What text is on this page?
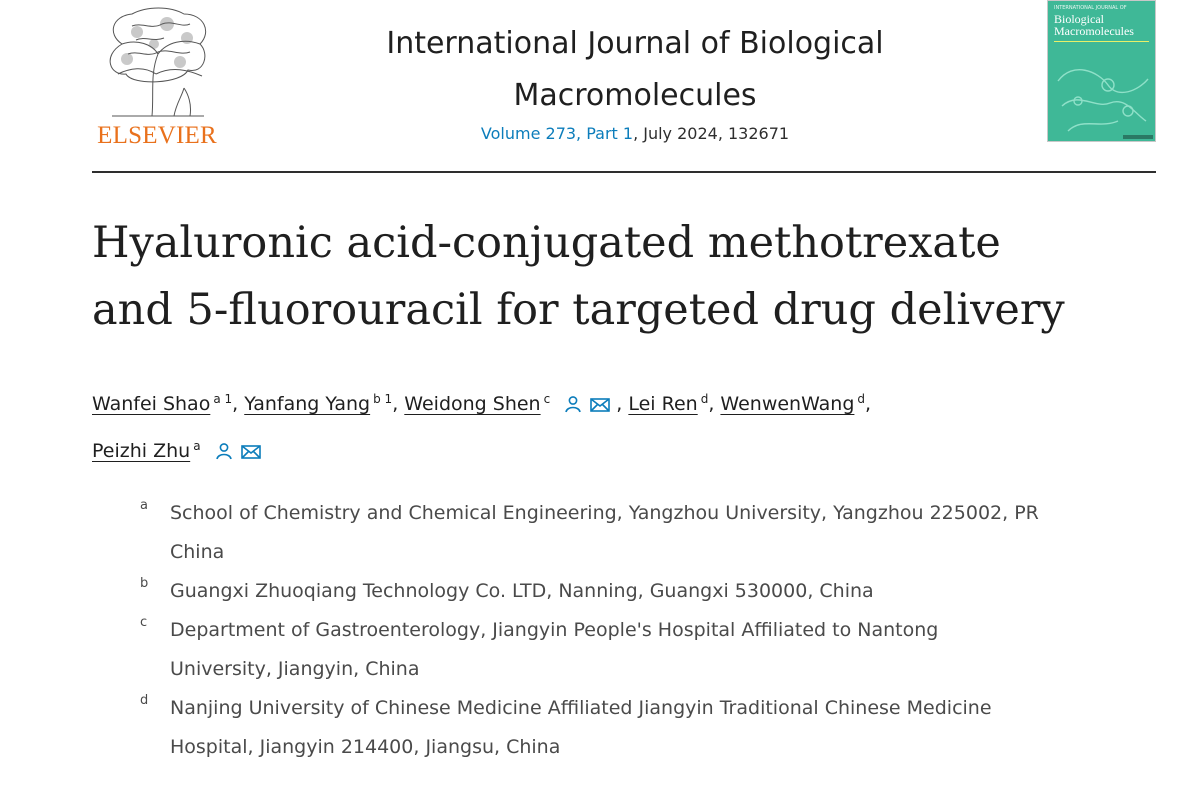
ELSEVIER
International Journal of Biological
Macromolecules
Volume 273, Part 1, July 2024, 132671
INTERNATIONAL JOURNAL OF
Biological
Macromolecules
Hyaluronic acid-conjugated methotrexate
and 5-fluorouracil for targeted drug delivery
Wanfei Shao $^{a 1}$, Yanfang Yang $^{b 1}$, Weidong Shen $^c$	, Lei Ren $^d$, WenwenWang $^d$,
Peizhi Zhu $^a$
a School of Chemistry and Chemical Engineering, Yangzhou University, Yangzhou 225002, PR
China
b Guangxi Zhuoqiang Technology Co. LTD, Nanning, Guangxi 530000, China
c Department of Gastroenterology, Jiangyin People's Hospital Affiliated to Nantong
University, Jiangyin, China
d Nanjing University of Chinese Medicine Affiliated Jiangyin Traditional Chinese Medicine
Hospital, Jiangyin 214400, Jiangsu, China
